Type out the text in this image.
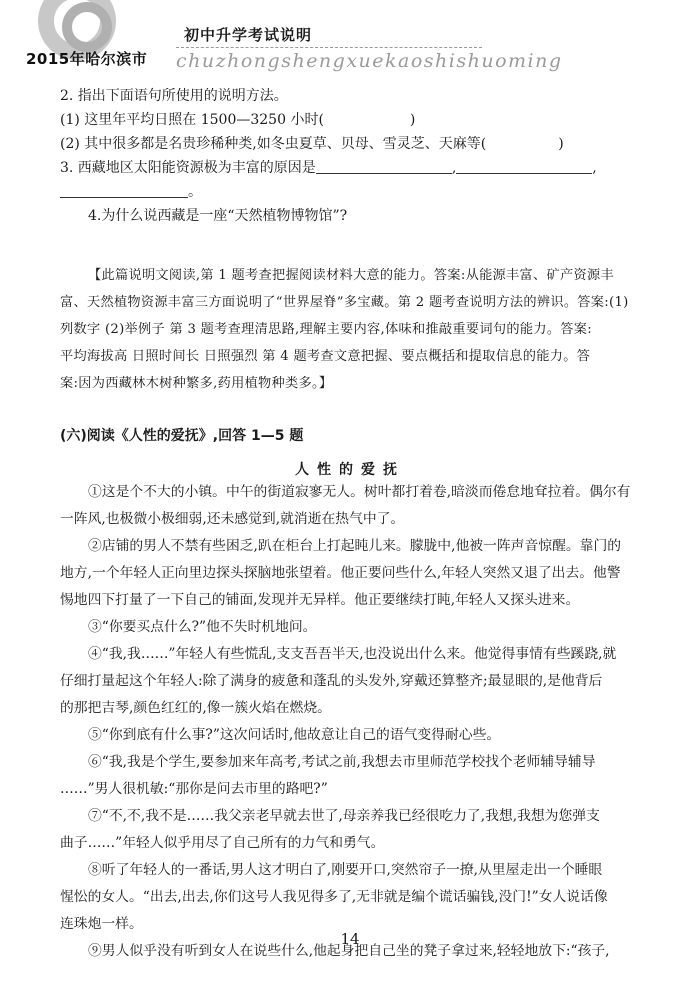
2015年哈尔滨市
初中升学考试说明
chuzhongshengxuekaoshishuoming
2. 指出下面语句所使用的说明方法。
(1) 这里年平均日照在 1500—3250 小时(	)
(2) 其中很多都是名贵珍稀种类,如冬虫夏草、贝母、雪灵芝、天麻等(	)
3. 西藏地区太阳能资源极为丰富的原因是	,	,
。
4.为什么说西藏是一座“天然植物博物馆”?
【此篇说明文阅读,第 1 题考查把握阅读材料大意的能力。答案:从能源丰富、矿产资源丰
富、天然植物资源丰富三方面说明了“世界屋脊”多宝藏。第 2 题考查说明方法的辨识。答案:(1)
列数字 (2)举例子 第 3 题考查理清思路,理解主要内容,体味和推敲重要词句的能力。答案:
平均海拔高 日照时间长 日照强烈 第 4 题考查文意把握、要点概括和提取信息的能力。答
案:因为西藏林木树种繁多,药用植物种类多。】
(六)阅读《人性的爱抚》,回答 1—5 题
人性的爱抚
①这是个不大的小镇。中午的街道寂寥无人。树叶都打着卷,暗淡而倦怠地耷拉着。偶尔有
一阵风,也极微小极细弱,还未感觉到,就消逝在热气中了。
②店铺的男人不禁有些困乏,趴在柜台上打起盹儿来。朦胧中,他被一阵声音惊醒。靠门的
地方,一个年轻人正向里边探头探脑地张望着。他正要问些什么,年轻人突然又退了出去。他警
惕地四下打量了一下自己的铺面,发现并无异样。他正要继续打盹,年轻人又探头进来。
③“你要买点什么?”他不失时机地问。
④“我,我……”年轻人有些慌乱,支支吾吾半天,也没说出什么来。他觉得事情有些蹊跷,就
仔细打量起这个年轻人:除了满身的疲惫和蓬乱的头发外,穿戴还算整齐;最显眼的,是他背后
的那把吉琴,颜色红红的,像一簇火焰在燃烧。
⑤“你到底有什么事?”这次问话时,他故意让自己的语气变得耐心些。
⑥“我,我是个学生,要参加来年高考,考试之前,我想去市里师范学校找个老师辅导辅导
……”男人很机敏:“那你是问去市里的路吧?”
⑦“不,不,我不是……我父亲老早就去世了,母亲养我已经很吃力了,我想,我想为您弹支
曲子……”年轻人似乎用尽了自己所有的力气和勇气。
⑧听了年轻人的一番话,男人这才明白了,刚要开口,突然帘子一撩,从里屋走出一个睡眼
惺忪的女人。“出去,出去,你们这号人我见得多了,无非就是编个谎话骗钱,没门!”女人说话像
连珠炮一样。
⑨男人似乎没有听到女人在说些什么,他起身把自己坐的凳子拿过来,轻轻地放下:“孩子,
14
